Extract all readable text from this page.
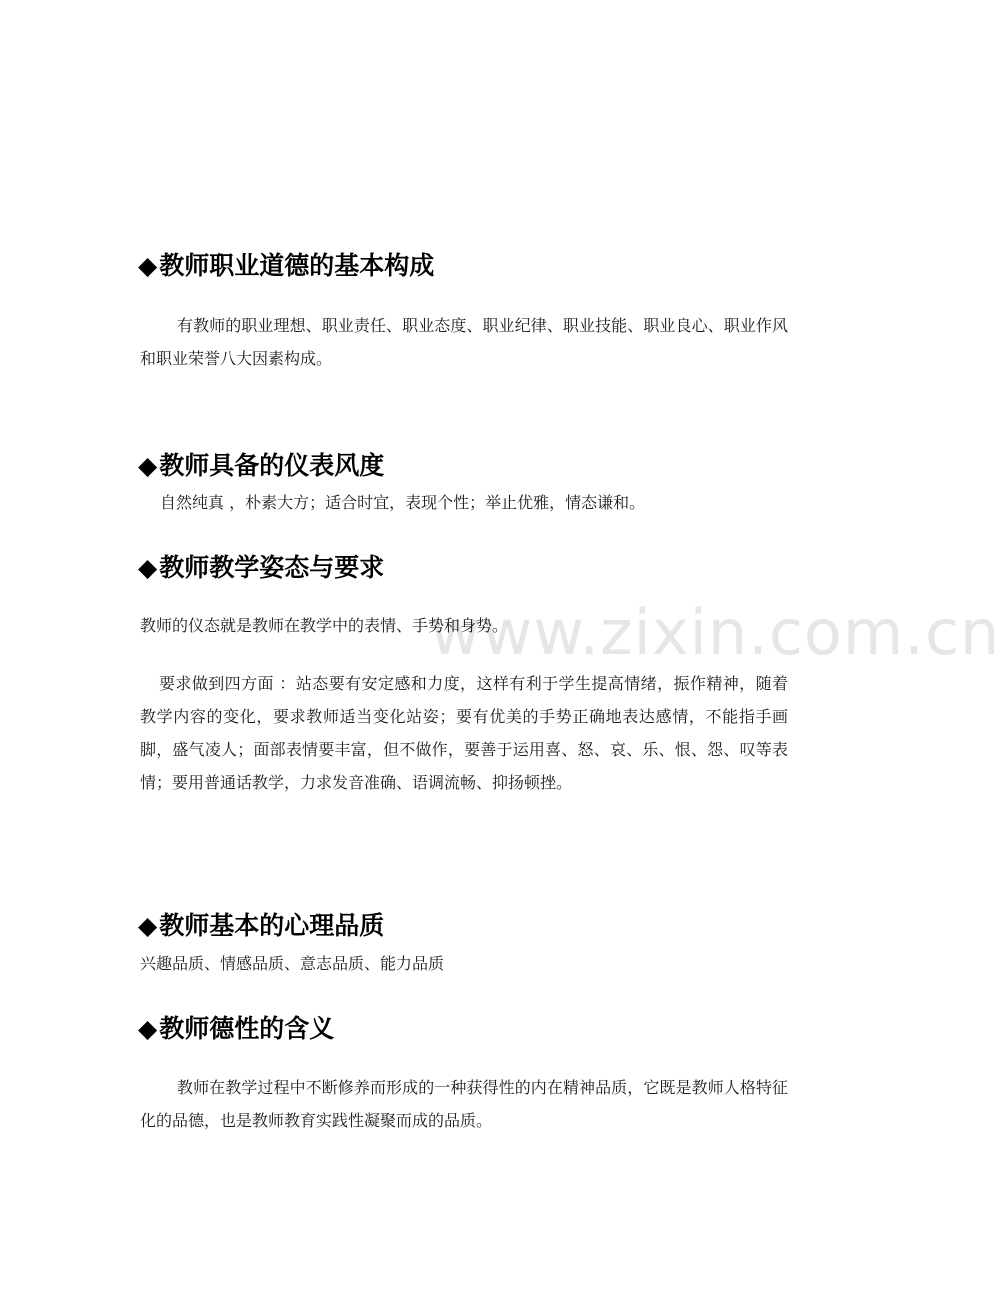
www.zixin.com.cn
◆教师职业道德的基本构成
有教师的职业理想、职业责任、职业态度、职业纪律、职业技能、职业良心、职业作风和职业荣誉八大因素构成。
◆教师具备的仪表风度
自然纯真 ，朴素大方；适合时宜，表现个性；举止优雅，情态谦和。
◆教师教学姿态与要求
教师的仪态就是教师在教学中的表情、手势和身势。
要求做到四方面 ：站态要有安定感和力度，这样有利于学生提高情绪，振作精神，随着教学内容的变化，要求教师适当变化站姿；要有优美的手势正确地表达感情，不能指手画脚，盛气凌人；面部表情要丰富，但不做作，要善于运用喜、怒、哀、乐、恨、怨、叹等表情；要用普通话教学，力求发音准确、语调流畅、抑扬顿挫。
◆教师基本的心理品质
兴趣品质、情感品质、意志品质、能力品质
◆教师德性的含义
教师在教学过程中不断修养而形成的一种获得性的内在精神品质，它既是教师人格特征化的品德，也是教师教育实践性凝聚而成的品质。
